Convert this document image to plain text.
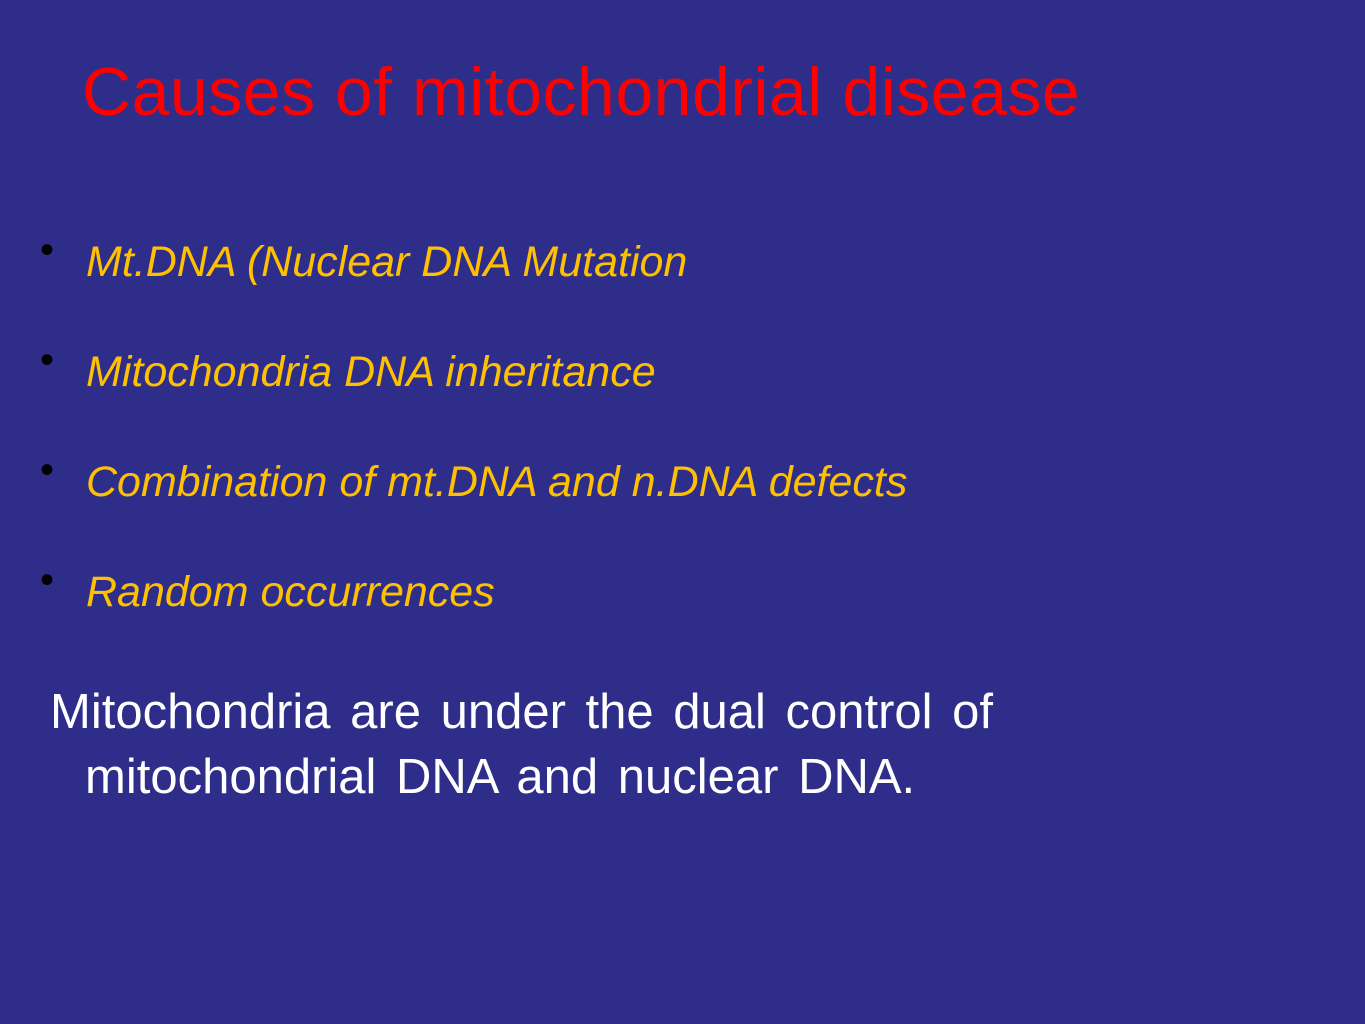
Causes of mitochondrial disease
• Mt.DNA (Nuclear DNA Mutation
• Mitochondria DNA inheritance
• Combination of mt.DNA and n.DNA defects
• Random occurrences

Mitochondria are under the dual control of mitochondrial DNA and nuclear DNA.
